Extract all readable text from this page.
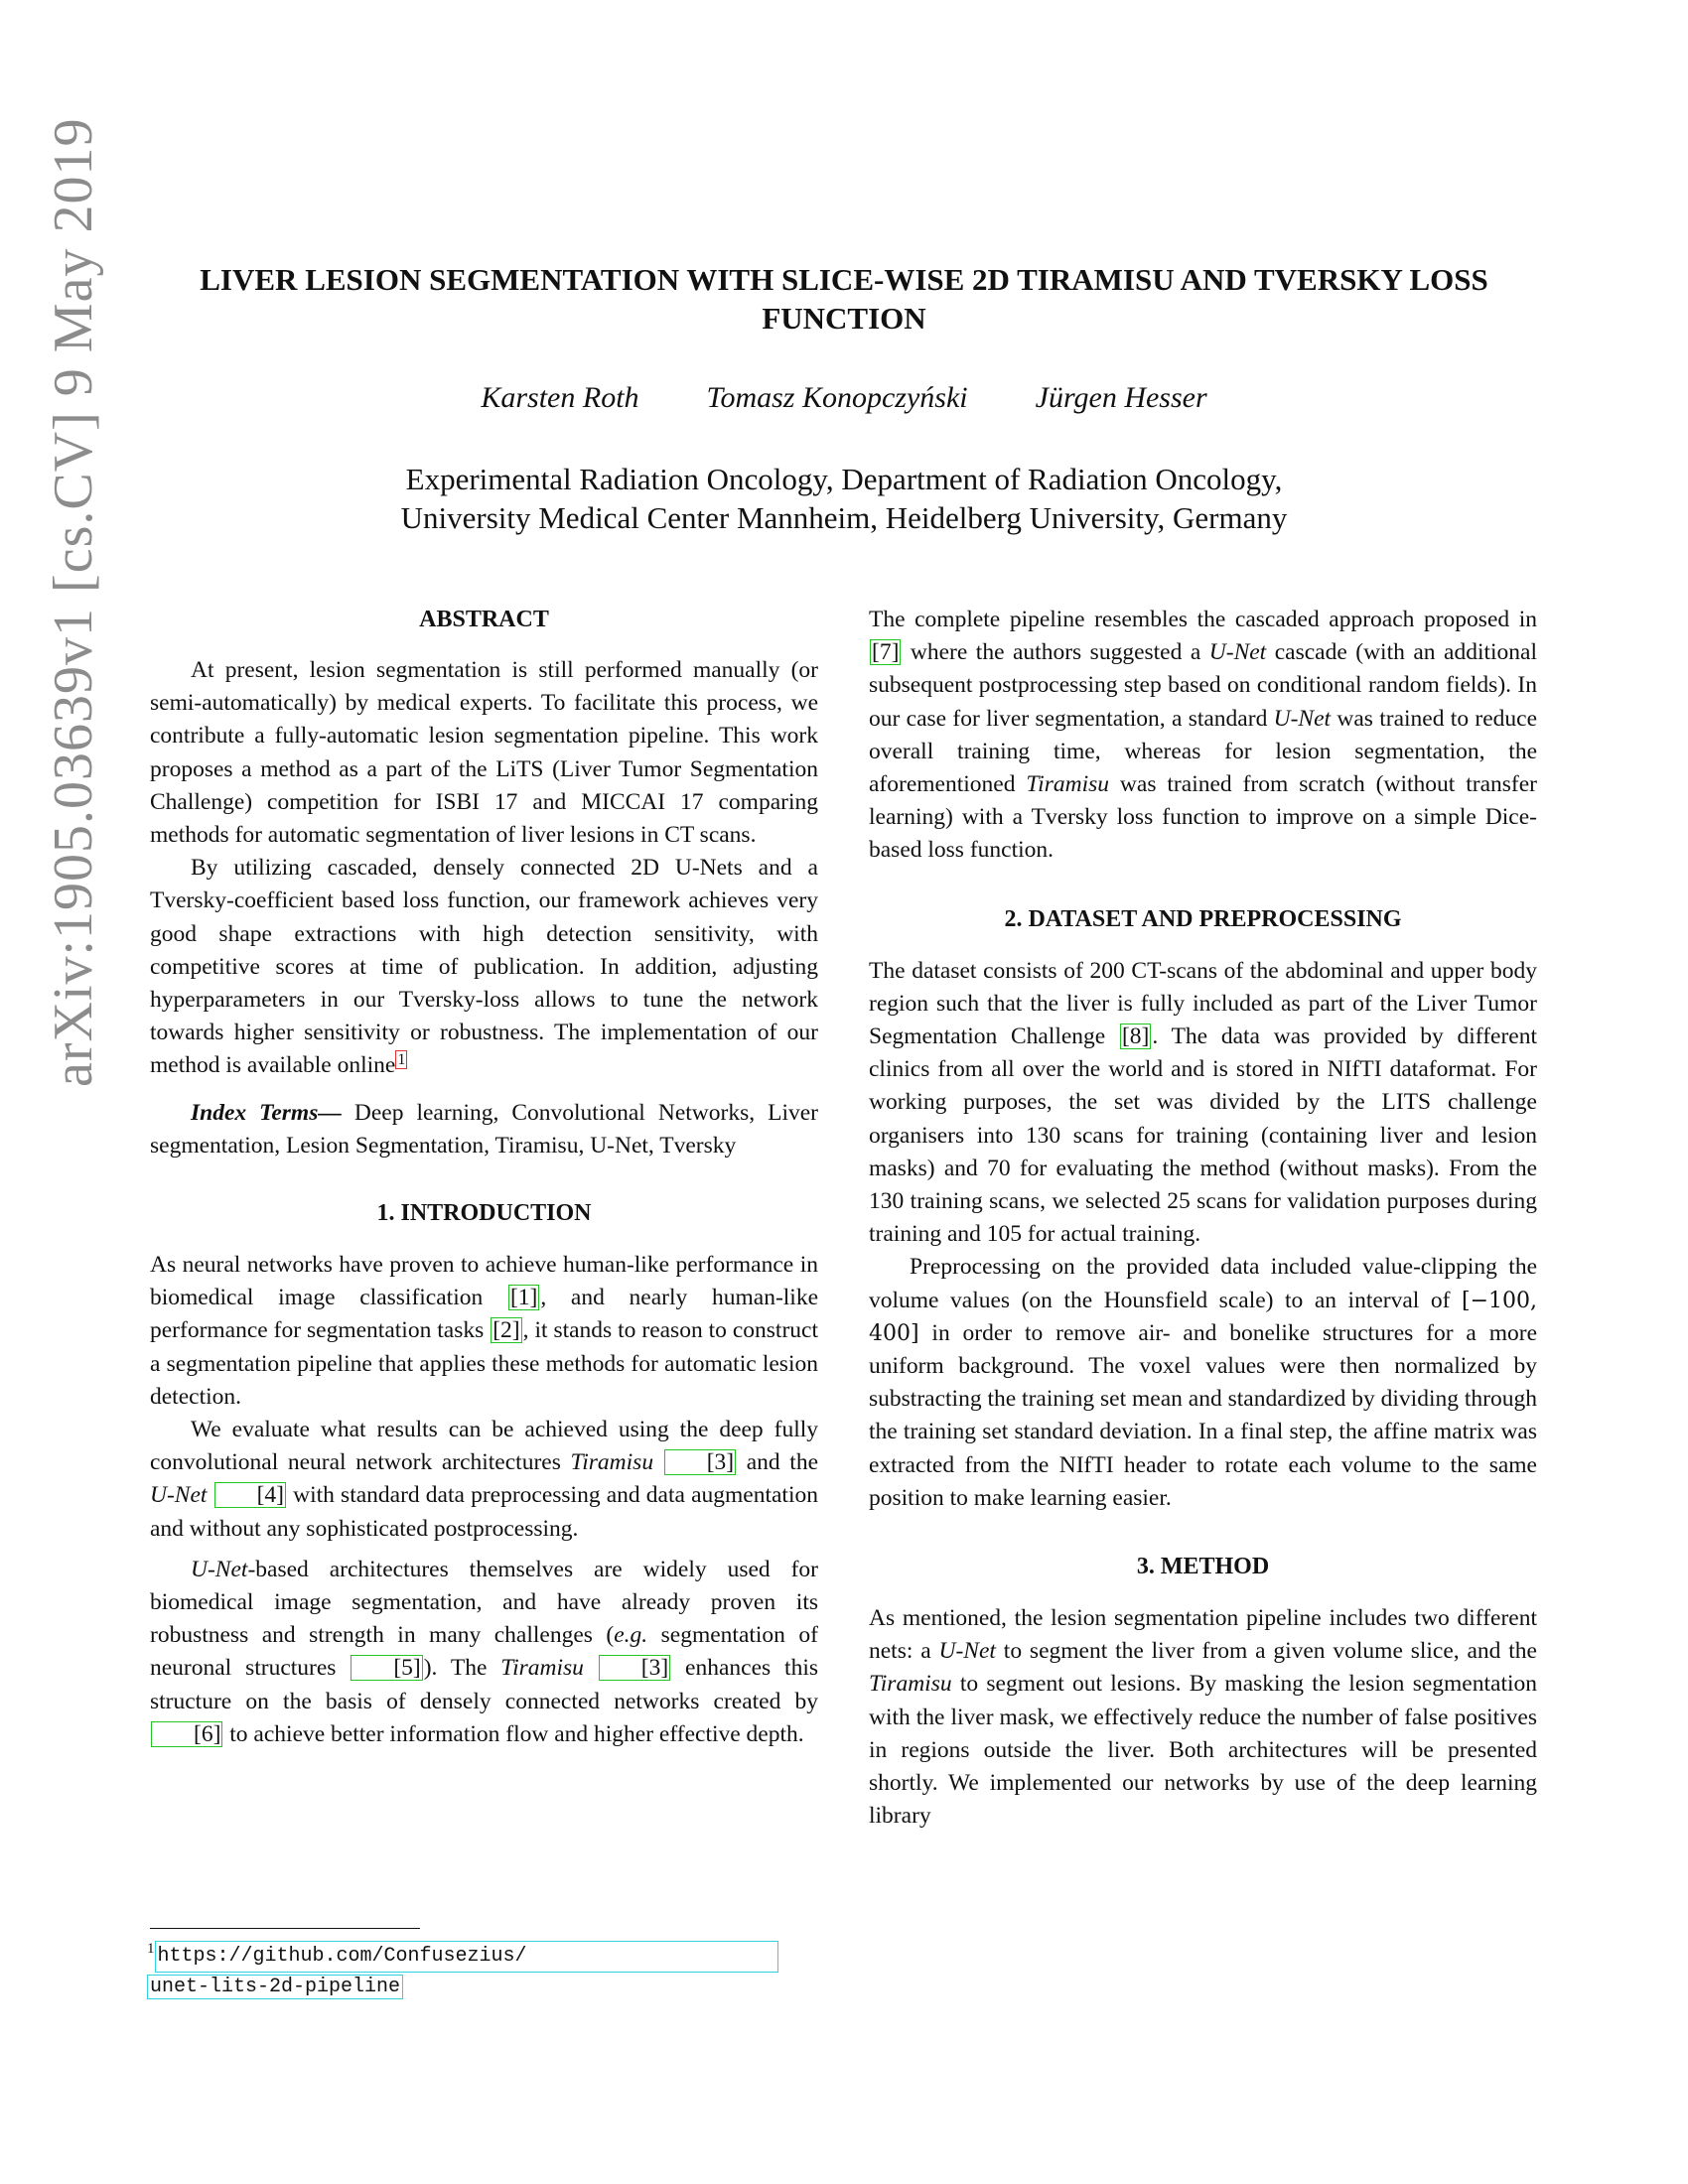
arXiv:1905.03639v1 [cs.CV] 9 May 2019	LIVER LESION SEGMENTATION WITH SLICE-WISE 2D TIRAMISU AND TVERSKY LOSS FUNCTION
Karsten Roth Tomasz Konopczyński Jürgen Hesser
Experimental Radiation Oncology, Department of Radiation Oncology,
University Medical Center Mannheim, Heidelberg University, Germany
ABSTRACT

At present, lesion segmentation is still performed manually (or semi-automatically) by medical experts. To facilitate this process, we contribute a fully-automatic lesion segmentation pipeline. This work proposes a method as a part of the LiTS (Liver Tumor Segmentation Challenge) competition for ISBI 17 and MICCAI 17 comparing methods for automatic segmentation of liver lesions in CT scans.

By utilizing cascaded, densely connected 2D U-Nets and a Tversky-coefficient based loss function, our framework achieves very good shape extractions with high detection sensitivity, with competitive scores at time of publication. In addition, adjusting hyperparameters in our Tversky-loss allows to tune the network towards higher sensitivity or robustness. The implementation of our method is available online $^1$

Index Terms— Deep learning, Convolutional Networks, Liver segmentation, Lesion Segmentation, Tiramisu, U-Net, Tversky

1. INTRODUCTION

As neural networks have proven to achieve human-like performance in biomedical image classification [1] , and nearly human-like performance for segmentation tasks [2] , it stands to reason to construct a segmentation pipeline that applies these methods for automatic lesion detection.

We evaluate what results can be achieved using the deep fully convolutional neural network architectures Tiramisu [3] and the U-Net [4] with standard data preprocessing and data augmentation and without any sophisticated postprocessing.

U-Net-based architectures themselves are widely used for biomedical image segmentation, and have already proven its robustness and strength in many challenges (e.g. segmentation of neuronal structures [5] ). The Tiramisu [3] enhances this structure on the basis of densely connected networks created by [6] to achieve better information flow and higher effective depth.

The complete pipeline resembles the cascaded approach proposed in [7] where the authors suggested a U-Net cascade (with an additional subsequent postprocessing step based on conditional random fields). In our case for liver segmentation, a standard U-Net was trained to reduce overall training time, whereas for lesion segmentation, the aforementioned Tiramisu was trained from scratch (without transfer learning) with a Tversky loss function to improve on a simple Dice-based loss function.

2. DATASET AND PREPROCESSING

The dataset consists of 200 CT-scans of the abdominal and upper body region such that the liver is fully included as part of the Liver Tumor Segmentation Challenge [8] . The data was provided by different clinics from all over the world and is stored in NIfTI dataformat. For working purposes, the set was divided by the LITS challenge organisers into 130 scans for training (containing liver and lesion masks) and 70 for evaluating the method (without masks). From the 130 training scans, we selected 25 scans for validation purposes during training and 105 for actual training.

Preprocessing on the provided data included value-clipping the volume values (on the Hounsfield scale) to an interval of [−100, 400] in order to remove air- and bonelike structures for a more uniform background. The voxel values were then normalized by substracting the training set mean and standardized by dividing through the training set standard deviation. In a final step, the affine matrix was extracted from the NIfTI header to rotate each volume to the same position to make learning easier.

3. METHOD

As mentioned, the lesion segmentation pipeline includes two different nets: a U-Net to segment the liver from a given volume slice, and the Tiramisu to segment out lesions. By masking the lesion segmentation with the liver mask, we effectively reduce the number of false positives in regions outside the liver. Both architectures will be presented shortly. We implemented our networks by use of the deep learning library

$^1$ https://github.com/Confusezius/
unet-lits-2d-pipeline
